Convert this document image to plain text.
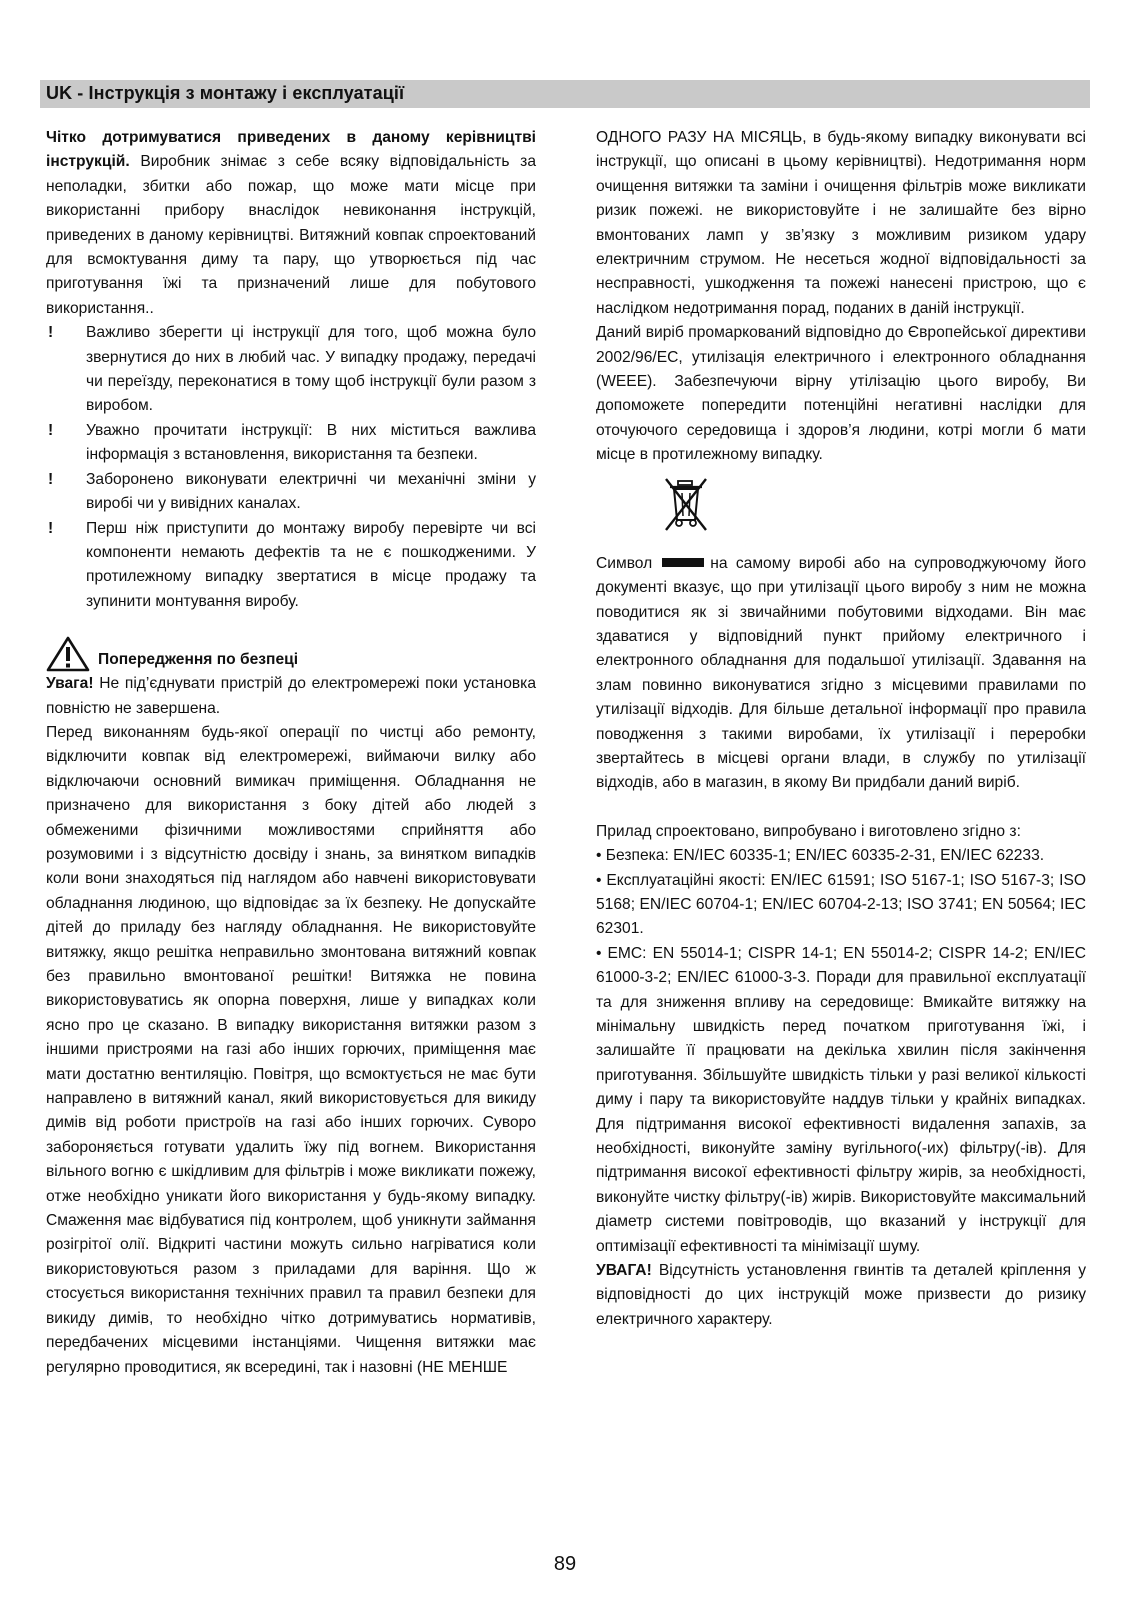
UK - Інструкція з монтажу і експлуатації

Чітко дотримуватися приведених в даному керівництві інструкцій. Виробник знімає з себе всяку відповідальність за неполадки, збитки або пожар, що може мати місце при використанні прибору внаслідок невиконання інструкцій, приведених в даному керівництві. Витяжний ковпак спроектований для всмоктування диму та пару, що утворюється під час приготування їжі та призначений лише для побутового використання..

! Важливо зберегти ці інструкції для того, щоб можна було звернутися до них в любий час. У випадку продажу, передачі чи переїзду, переконатися в тому щоб інструкції були разом з виробом.

! Уважно прочитати інструкції: В них міститься важлива інформація з встановлення, використання та безпеки.

! Заборонено виконувати електричні чи механічні зміни у виробі чи у вивідних каналах.

! Перш ніж приступити до монтажу виробу перевірте чи всі компоненти немають дефектів та не є пошкодженими. У протилежному випадку звертатися в місце продажу та зупинити монтування виробу.

Попередження по безпеці

Увага! Не під’єднувати пристрій до електромережі поки установка повністю не завершена.

Перед виконанням будь-якої операції по чистці або ремонту, відключити ковпак від електромережі, виймаючи вилку або відключаючи основний вимикач приміщення. Обладнання не призначено для використання з боку дітей або людей з обмеженими фізичними можливостями сприйняття або розумовими і з відсутністю досвіду і знань, за винятком випадків коли вони знаходяться під наглядом або навчені використовувати обладнання людиною, що відповідає за їх безпеку. Не допускайте дітей до приладу без нагляду обладнання. Не використовуйте витяжку, якщо решітка неправильно змонтована витяжний ковпак без правильно вмонтованої решітки! Витяжка не повина використовуватись як опорна поверхня, лише у випадках коли ясно про це сказано. В випадку використання витяжки разом з іншими пристроями на газі або інших горючих, приміщення має мати достатню вентиляцію. Повітря, що всмоктується не має бути направлено в витяжний канал, який використовується для викиду димів від роботи пристроїв на газі або інших горючих. Суворо забороняється готувати удалить їжу під вогнем. Використання вільного вогню є шкідливим для фільтрів і може викликати пожежу, отже необхідно уникати його використання у будь-якому випадку. Смаження має відбуватися під контролем, щоб уникнути займання розігрітої олії. Відкриті частини можуть сильно нагріватися коли використовуються разом з приладами для варіння. Що ж стосується використання технічних правил та правил безпеки для викиду димів, то необхідно чітко дотримуватись нормативів, передбачених місцевими інстанціями. Чищення витяжки має регулярно проводитися, як всередині, так і назовні (НЕ МЕНШЕ

ОДНОГО РАЗУ НА МІСЯЦЬ, в будь-якому випадку виконувати всі інструкції, що описані в цьому керівництві). Недотримання норм очищення витяжки та заміни і очищення фільтрів може викликати ризик пожежі. не використовуйте і не залишайте без вірно вмонтованих ламп у зв’язку з можливим ризиком удару електричним струмом. Не несеться жодної відповідальності за несправності, ушкодження та пожежі нанесені пристрою, що є наслідком недотримання порад, поданих в даній інструкції.

Даний виріб промаркований відповідно до Європейської директиви 2002/96/EC, утилізація електричного і електронного обладнання (WEEE). Забезпечуючи вірну утілізацію цього виробу, Ви допоможете попередити потенційні негативні наслідки для оточуючого середовища і здоров’я людини, котрі могли б мати місце в протилежному випадку.

Символ	на самому виробі або на супроводжуючому його документі вказує, що при утилізації цього виробу з ним не можна поводитися як зі звичайними побутовими відходами. Він має здаватися у відповідний пункт прийому електричного і електронного обладнання для подальшої утилізації. Здавання на злам повинно виконуватися згідно з місцевими правилами по утилізації відходів. Для більше детальної інформації про правила поводження з такими виробами, їх утилізації і переробки звертайтесь в місцеві органи влади, в службу по утилізації відходів, або в магазин, в якому Ви придбали даний виріб.

Прилад спроектовано, випробувано і виготовлено згідно з:

• Безпека: EN/IEC 60335-1; EN/IEC 60335-2-31, EN/IEC 62233.

• Експлуатаційні якості: EN/IEC 61591; ISO 5167-1; ISO 5167-3; ISO 5168; EN/IEC 60704-1; EN/IEC 60704-2-13; ISO 3741; EN 50564; IEC 62301.

• EMC: EN 55014-1; CISPR 14-1; EN 55014-2; CISPR 14-2; EN/IEC 61000-3-2; EN/IEC 61000-3-3. Поради для правильної експлуатації та для зниження впливу на середовище: Вмикайте витяжку на мінімальну швидкість перед початком приготування їжі, і залишайте її працювати на декілька хвилин після закінчення приготування. Збільшуйте швидкість тільки у разі великої кількості диму і пару та використовуйте наддув тільки у крайніх випадках. Для підтримання високої ефективності видалення запахів, за необхідності, виконуйте заміну вугільного(-их) фільтру(-ів). Для підтримання високої ефективності фільтру жирів, за необхідності, виконуйте чистку фільтру(-ів) жирів. Використовуйте максимальний діаметр системи повітроводів, що вказаний у інструкції для оптимізації ефективності та мінімізації шуму.

УВАГА! Відсутність установлення гвинтів та деталей кріплення у відповідності до цих інструкцій може призвести до ризику електричного характеру.

89
